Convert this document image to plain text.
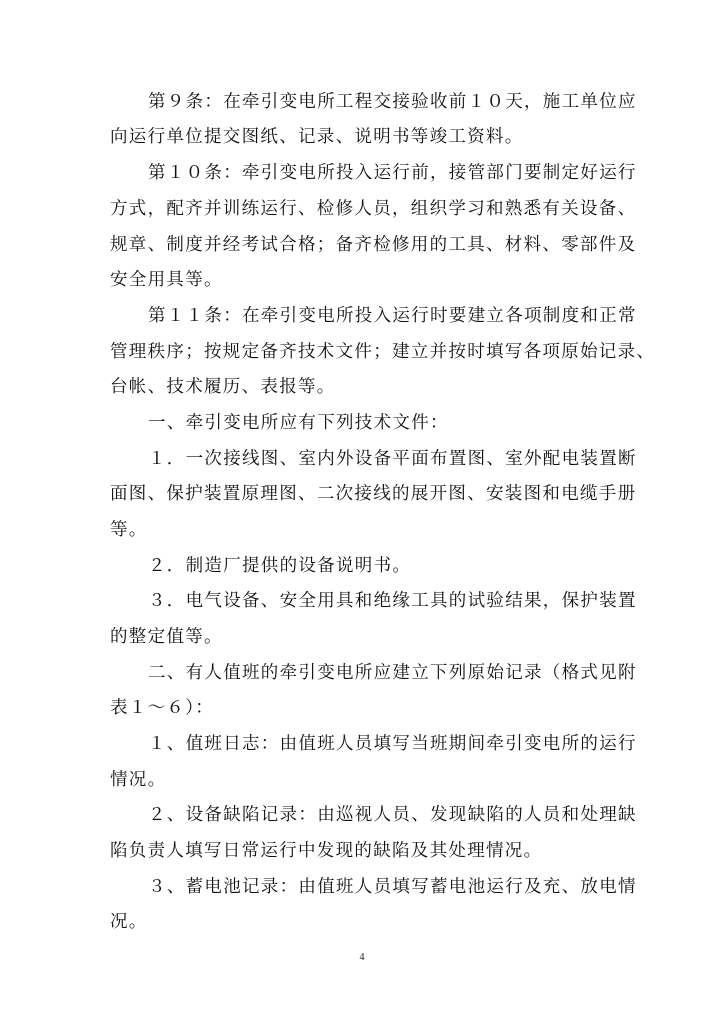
第９条：在牵引变电所工程交接验收前１０天，施工单位应
向运行单位提交图纸、记录、说明书等竣工资料。
第１０条：牵引变电所投入运行前，接管部门要制定好运行
方式，配齐并训练运行、检修人员，组织学习和熟悉有关设备、
规章、制度并经考试合格；备齐检修用的工具、材料、零部件及
安全用具等。
第１１条：在牵引变电所投入运行时要建立各项制度和正常
管理秩序；按规定备齐技术文件；建立并按时填写各项原始记录、
台帐、技术履历、表报等。
一、牵引变电所应有下列技术文件：
１．一次接线图、室内外设备平面布置图、室外配电装置断
面图、保护装置原理图、二次接线的展开图、安装图和电缆手册
等。
２．制造厂提供的设备说明书。
３．电气设备、安全用具和绝缘工具的试验结果，保护装置
的整定值等。
二、有人值班的牵引变电所应建立下列原始记录（格式见附
表１～６）：
１、值班日志：由值班人员填写当班期间牵引变电所的运行
情况。
２、设备缺陷记录：由巡视人员、发现缺陷的人员和处理缺
陷负责人填写日常运行中发现的缺陷及其处理情况。
３、蓄电池记录：由值班人员填写蓄电池运行及充、放电情
况。
4
